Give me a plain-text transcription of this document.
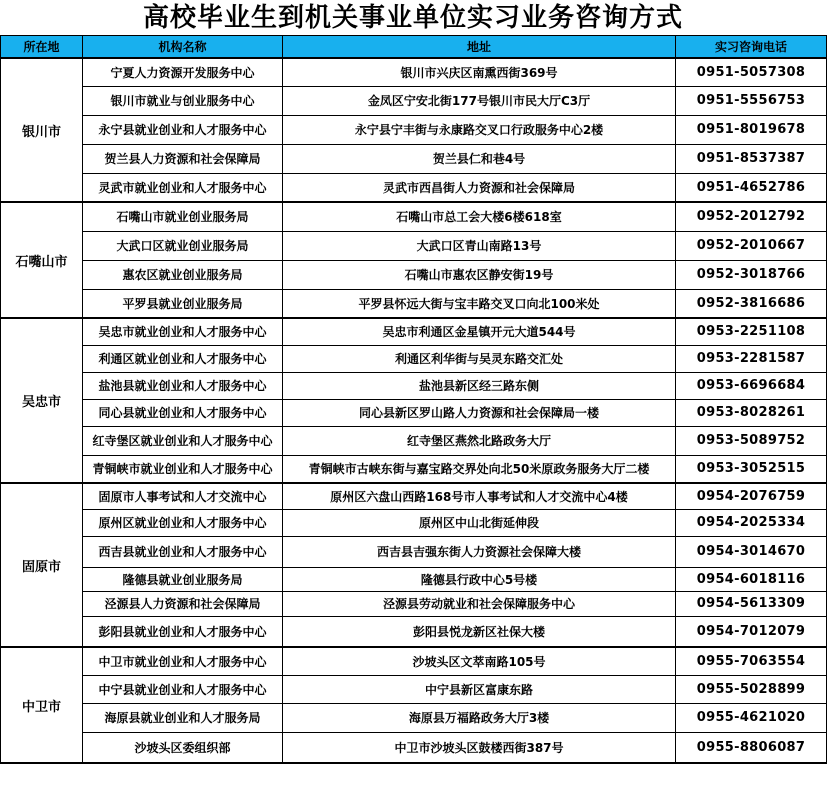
高校毕业生到机关事业单位实习业务咨询方式
所在地	机构名称	地址	实习咨询电话
银川市	宁夏人力资源开发服务中心	银川市兴庆区南熏西街369号	0951-5057308
	银川市就业与创业服务中心	金凤区宁安北街177号银川市民大厅C3厅	0951-5556753
	永宁县就业创业和人才服务中心	永宁县宁丰街与永康路交叉口行政服务中心2楼	0951-8019678
	贺兰县人力资源和社会保障局	贺兰县仁和巷4号	0951-8537387
	灵武市就业创业和人才服务中心	灵武市西昌街人力资源和社会保障局	0951-4652786
石嘴山市	石嘴山市就业创业服务局	石嘴山市总工会大楼6楼618室	0952-2012792
	大武口区就业创业服务局	大武口区青山南路13号	0952-2010667
	惠农区就业创业服务局	石嘴山市惠农区静安街19号	0952-3018766
	平罗县就业创业服务局	平罗县怀远大街与宝丰路交叉口向北100米处	0952-3816686
吴忠市	吴忠市就业创业和人才服务中心	吴忠市利通区金星镇开元大道544号	0953-2251108
	利通区就业创业和人才服务中心	利通区利华街与吴灵东路交汇处	0953-2281587
	盐池县就业创业和人才服务中心	盐池县新区经三路东侧	0953-6696684
	同心县就业创业和人才服务中心	同心县新区罗山路人力资源和社会保障局一楼	0953-8028261
	红寺堡区就业创业和人才服务中心	红寺堡区燕然北路政务大厅	0953-5089752
	青铜峡市就业创业和人才服务中心	青铜峡市古峡东街与嘉宝路交界处向北50米原政务服务大厅二楼	0953-3052515
固原市	固原市人事考试和人才交流中心	原州区六盘山西路168号市人事考试和人才交流中心4楼	0954-2076759
	原州区就业创业和人才服务中心	原州区中山北街延伸段	0954-2025334
	西吉县就业创业和人才服务中心	西吉县吉强东街人力资源社会保障大楼	0954-3014670
	隆德县就业创业服务局	隆德县行政中心5号楼	0954-6018116
	泾源县人力资源和社会保障局	泾源县劳动就业和社会保障服务中心	0954-5613309
	彭阳县就业创业和人才服务中心	彭阳县悦龙新区社保大楼	0954-7012079
中卫市	中卫市就业创业和人才服务中心	沙坡头区文萃南路105号	0955-7063554
	中宁县就业创业和人才服务中心	中宁县新区富康东路	0955-5028899
	海原县就业创业和人才服务局	海原县万福路政务大厅3楼	0955-4621020
	沙坡头区委组织部	中卫市沙坡头区鼓楼西街387号	0955-8806087
